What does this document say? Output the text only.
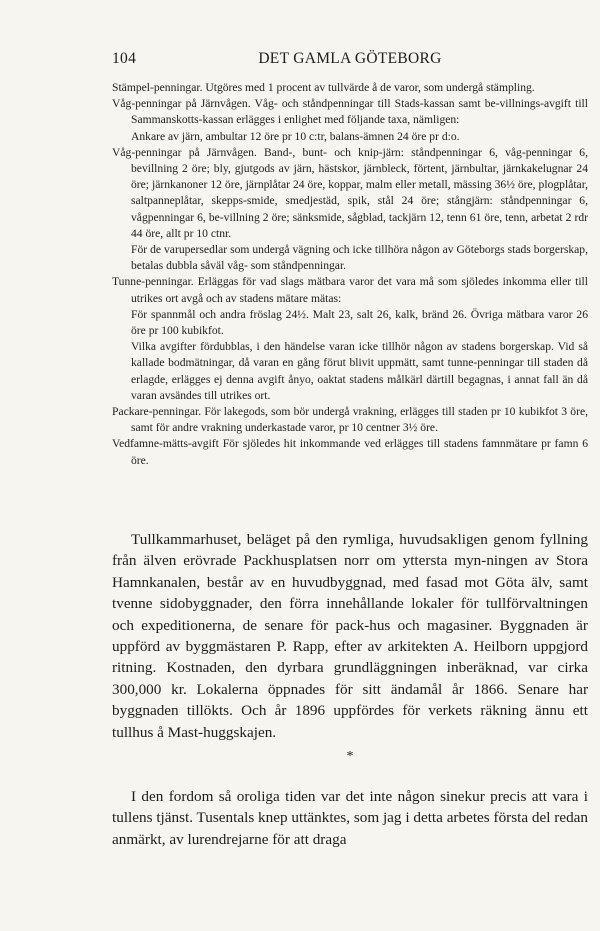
104	DET GAMLA GÖTEBORG

Stämpel-penningar. Utgöres med 1 procent av tullvärde å de varor, som undergå stämpling.

Våg-penningar på Järnvågen. Våg- och ståndpenningar till Stads-kassan samt be-villnings-avgift till Sammanskotts-kassan erlägges i enlighet med följande taxa, nämligen:

Ankare av järn, ambultar 12 öre pr 10 c:tr, balans-ämnen 24 öre pr d:o.

Våg-penningar på Järnvågen. Band-, bunt- och knip-järn: ståndpenningar 6, våg-penningar 6, bevillning 2 öre; bly, gjutgods av järn, hästskor, järnbleck, förtent, järnbultar, järnkakelugnar 24 öre; järnkanoner 12 öre, järnplåtar 24 öre, koppar, malm eller metall, mässing 36½ öre, plogplåtar, saltpanneplåtar, skepps-smide, smedjestäd, spik, stål 24 öre; stångjärn: ståndpenningar 6, vågpenningar 6, be-villning 2 öre; sänksmide, sågblad, tackjärn 12, tenn 61 öre, tenn, arbetat 2 rdr 44 öre, allt pr 10 ctnr.

För de varupersedlar som undergå vägning och icke tillhöra någon av Göteborgs stads borgerskap, betalas dubbla såväl våg- som ståndpenningar.

Tunne-penningar. Erläggas för vad slags mätbara varor det vara må som sjöledes inkomma eller till utrikes ort avgå och av stadens mätare mätas:

För spannmål och andra fröslag 24½. Malt 23, salt 26, kalk, bränd 26. Övriga mätbara varor 26 öre pr 100 kubikfot.

Vilka avgifter fördubblas, i den händelse varan icke tillhör någon av stadens borgerskap. Vid så kallade bodmätningar, då varan en gång förut blivit uppmätt, samt tunne-penningar till staden då erlagde, erlägges ej denna avgift ånyo, oaktat stadens målkärl därtill begagnas, i annat fall än då varan avsändes till utrikes ort.

Packare-penningar. För lakegods, som bör undergå vrakning, erlägges till staden pr 10 kubikfot 3 öre, samt för andre vrakning underkastade varor, pr 10 centner 3½ öre.

Vedfamne-mätts-avgift För sjöledes hit inkommande ved erlägges till stadens famnmätare pr famn 6 öre.

Tullkammarhuset, beläget på den rymliga, huvudsakligen genom fyllning från älven erövrade Packhusplatsen norr om yttersta myn-ningen av Stora Hamnkanalen, består av en huvudbyggnad, med fasad mot Göta älv, samt tvenne sidobyggnader, den förra innehållande lokaler för tullförvaltningen och expeditionerna, de senare för pack-hus och magasiner. Byggnaden är uppförd av byggmästaren P. Rapp, efter av arkitekten A. Heilborn uppgjord ritning. Kostnaden, den dyrbara grundläggningen inberäknad, var cirka 300,000 kr. Lokalerna öppnades för sitt ändamål år 1866. Senare har byggnaden tillökts. Och år 1896 uppfördes för verkets räkning ännu ett tullhus å Mast-huggskajen.

*

I den fordom så oroliga tiden var det inte någon sinekur precis att vara i tullens tjänst. Tusentals knep uttänktes, som jag i detta arbetes första del redan anmärkt, av lurendrejarne för att draga
